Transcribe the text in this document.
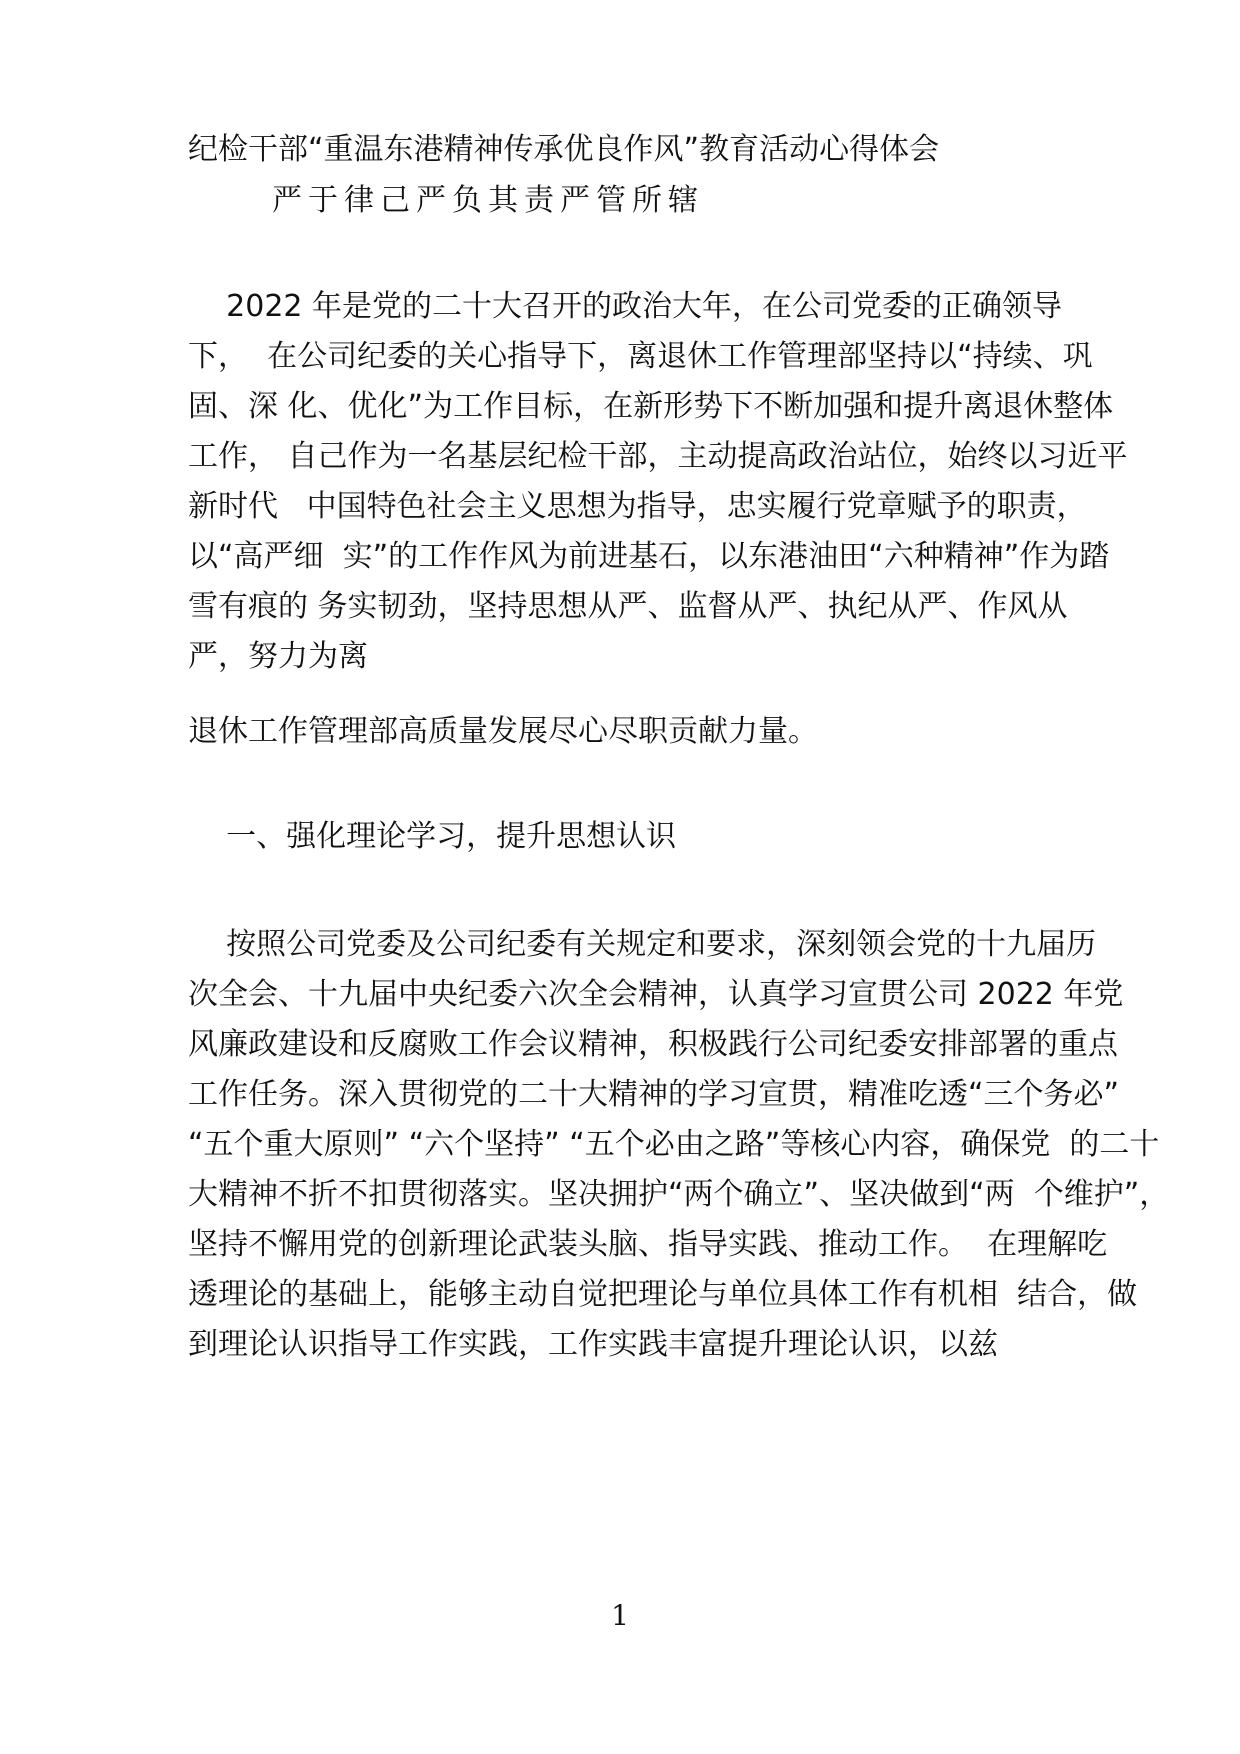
纪检干部“重温东港精神传承优良作风”教育活动心得体会
严于律己严负其责严管所辖
2022 年是党的二十大召开的政治大年，在公司党委的正确领导
下，  在公司纪委的关心指导下，离退休工作管理部坚持以“持续、巩
固、深 化、优化”为工作目标，在新形势下不断加强和提升离退休整体
工作， 自己作为一名基层纪检干部，主动提高政治站位，始终以习近平
新时代   中国特色社会主义思想为指导，忠实履行党章赋予的职责，
以“高严细  实”的工作作风为前进基石，以东港油田“六种精神”作为踏
雪有痕的 务实韧劲，坚持思想从严、监督从严、执纪从严、作风从
严，努力为离
退休工作管理部高质量发展尽心尽职贡献力量。
一、强化理论学习，提升思想认识
按照公司党委及公司纪委有关规定和要求，深刻领会党的十九届历
次全会、十九届中央纪委六次全会精神，认真学习宣贯公司 2022 年党
风廉政建设和反腐败工作会议精神，积极践行公司纪委安排部署的重点
工作任务。深入贯彻党的二十大精神的学习宣贯，精准吃透“三个务必”
“五个重大原则” “六个坚持” “五个必由之路”等核心内容，确保党  的二十
大精神不折不扣贯彻落实。坚决拥护“两个确立”、坚决做到“两  个维护”，
坚持不懈用党的创新理论武装头脑、指导实践、推动工作。  在理解吃
透理论的基础上，能够主动自觉把理论与单位具体工作有机相  结合，做
到理论认识指导工作实践，工作实践丰富提升理论认识，以兹
1
